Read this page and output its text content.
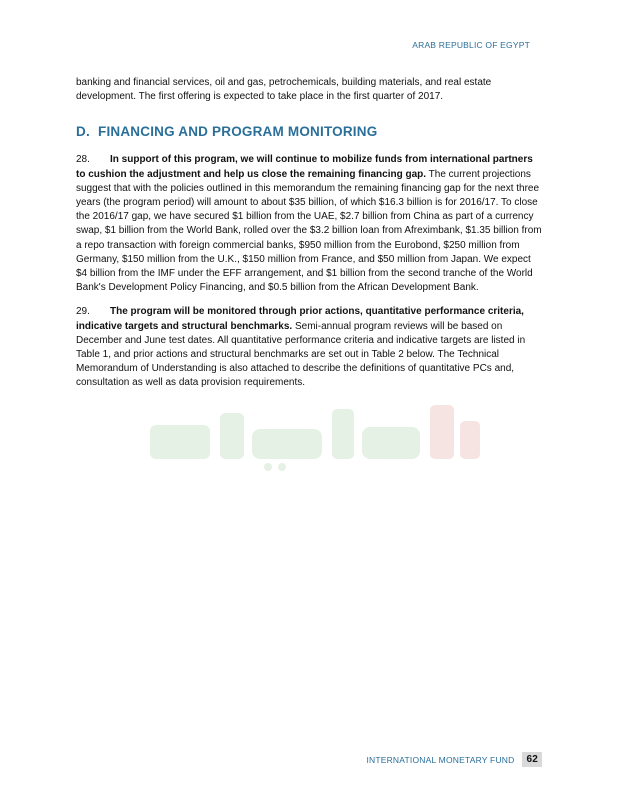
ARAB REPUBLIC OF EGYPT

banking and financial services, oil and gas, petrochemicals, building materials, and real estate development. The first offering is expected to take place in the first quarter of 2017.

D. FINANCING AND PROGRAM MONITORING

28. In support of this program, we will continue to mobilize funds from international partners to cushion the adjustment and help us close the remaining financing gap. The current projections suggest that with the policies outlined in this memorandum the remaining financing gap for the next three years (the program period) will amount to about $35 billion, of which $16.3 billion is for 2016/17. To close the 2016/17 gap, we have secured $1 billion from the UAE, $2.7 billion from China as part of a currency swap, $1 billion from the World Bank, rolled over the $3.2 billion loan from Afreximbank, $1.35 billion from a repo transaction with foreign commercial banks, $950 million from the Eurobond, $250 million from Germany, $150 million from the U.K., $150 million from France, and $50 million from Japan. We expect $4 billion from the IMF under the EFF arrangement, and $1 billion from the second tranche of the World Bank's Development Policy Financing, and $0.5 billion from the African Development Bank.

29. The program will be monitored through prior actions, quantitative performance criteria, indicative targets and structural benchmarks. Semi-annual program reviews will be based on December and June test dates. All quantitative performance criteria and indicative targets are listed in Table 1, and prior actions and structural benchmarks are set out in Table 2 below. The Technical Memorandum of Understanding is also attached to describe the definitions of quantitative PCs and, consultation as well as data provision requirements.

INTERNATIONAL MONETARY FUND	62
